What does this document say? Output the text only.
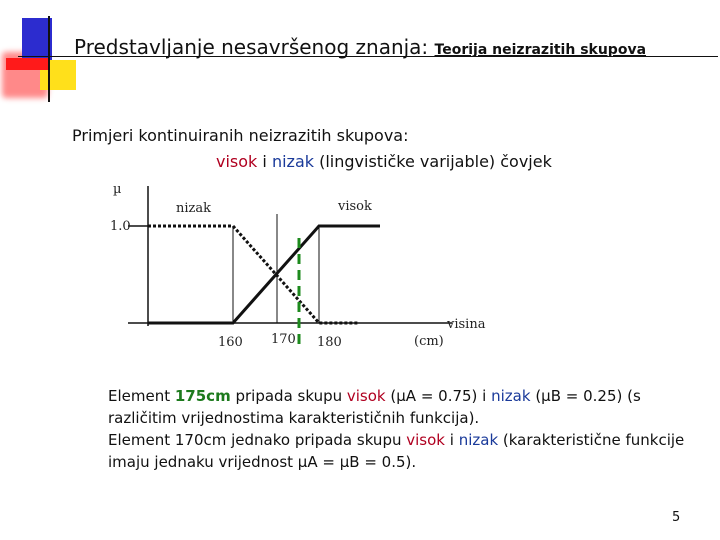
Predstavljanje nesavršenog znanja: Teorija neizrazitih skupova
Primjeri kontinuiranih neizrazitih skupova:
visok i nizak (lingvističke varijable) čovjek
µ
1.0
nizak	visok
160 170 180
visina
(cm)
Element 175cm pripada skupu visok (µA = 0.75) i nizak (µB = 0.25) (s različitim vrijednostima karakterističnih funkcija).
Element 170cm jednako pripada skupu visok i nizak (karakteristične funkcije imaju jednaku vrijednost µA = µB = 0.5).
5
